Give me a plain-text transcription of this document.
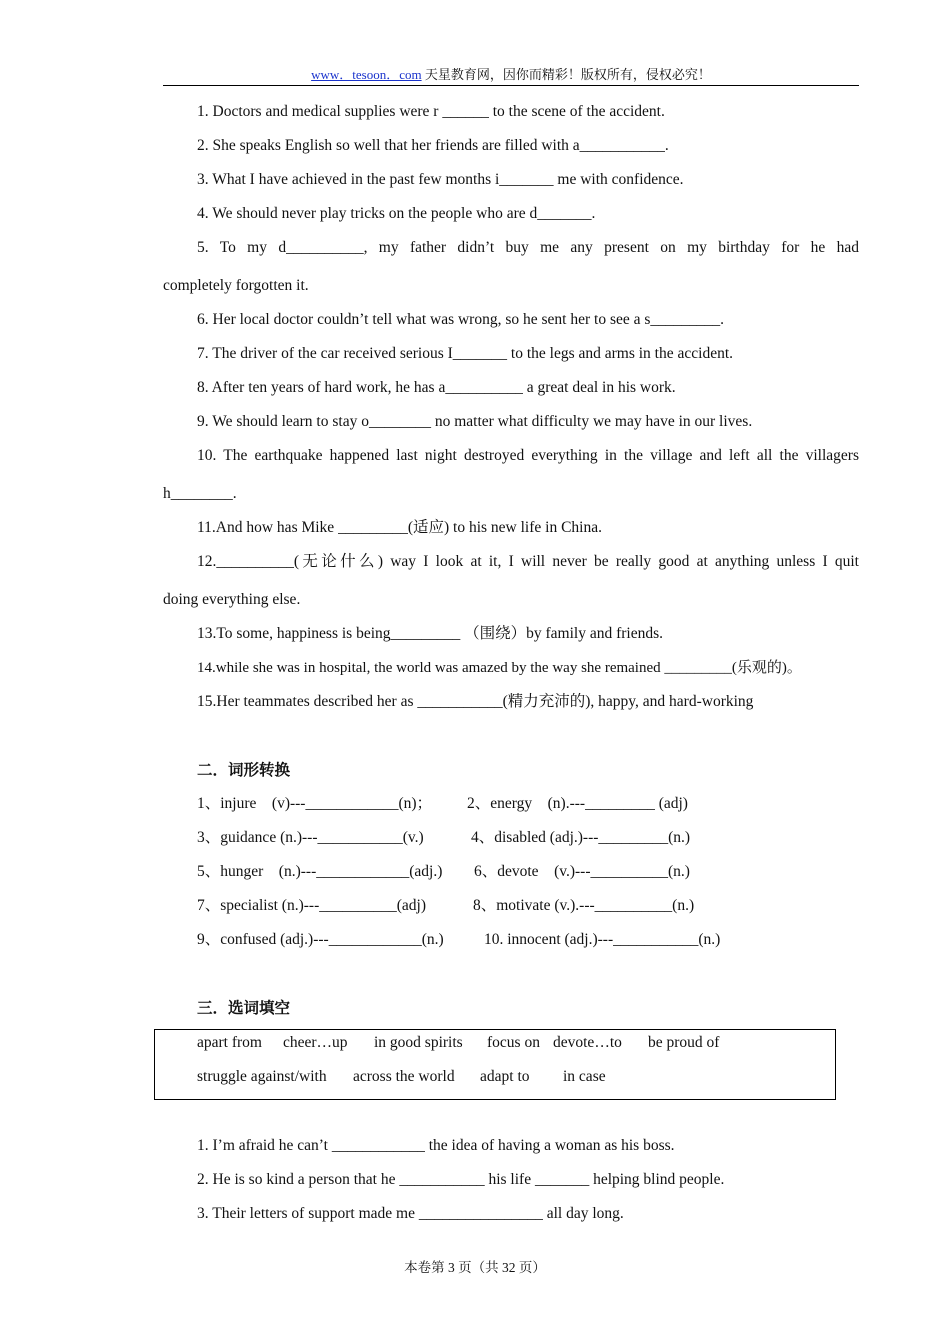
www．tesoon．com 天星教育网，因你而精彩！版权所有，侵权必究！
1. Doctors and medical supplies were r ______ to the scene of the accident.
2. She speaks English so well that her friends are filled with a___________.
3. What I have achieved in the past few months i_______ me with confidence.
4. We should never play tricks on the people who are d_______.
5. To my d__________, my father didn’t buy me any present on my birthday for he had
completely forgotten it.
6. Her local doctor couldn’t tell what was wrong, so he sent her to see a s_________.
7. The driver of the car received serious I_______ to the legs and arms in the accident.
8. After ten years of hard work, he has a__________ a great deal in his work.
9. We should learn to stay o________ no matter what difficulty we may have in our lives.
10. The earthquake happened last night destroyed everything in the village and left all the villagers
h________.
11.And how has Mike _________(适应) to his new life in China.
12.__________(无论什么) way I look at it, I will never be really good at anything unless I quit
doing everything else.
13.To some, happiness is being_________ （围绕）by family and friends.
14.while she was in hospital, the world was amazed by the way she remained _________(乐观的)。
15.Her teammates described her as ___________(精力充沛的), happy, and hard-working
二．词形转换
1、injure　(v)---____________(n)； 2、energy　(n).---_________ (adj)
3、guidance (n.)---___________(v.)	4、disabled (adj.)---_________(n.)
5、hunger　(n.)---____________(adj.) 6、devote　(v.)---__________(n.)
7、specialist (n.)---__________(adj)	8、motivate (v.).---__________(n.)
9、confused (adj.)---____________(n.)	10. innocent (adj.)---___________(n.)
三．选词填空
apart from cheer…up in good spirits focus on devote…to be proud of
struggle against/with across the world adapt to in case
1. I’m afraid he can’t ____________ the idea of having a woman as his boss.
2. He is so kind a person that he ___________ his life _______ helping blind people.
3. Their letters of support made me ________________ all day long.
本卷第 3 页（共 32 页）
